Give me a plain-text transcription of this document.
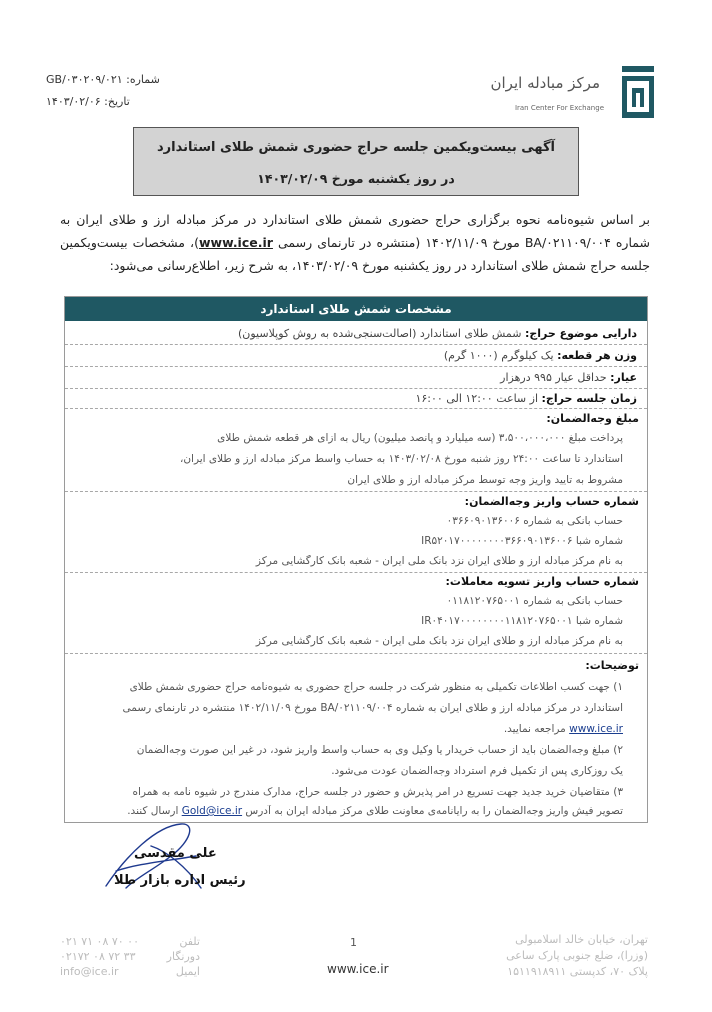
شماره: GB/۰۳۰۲۰۹/۰۲۱
تاریخ: ۱۴۰۳/۰۲/۰۶
مرکز مبادله ایران
Iran Center For Exchange
آگهی بیست‌ویکمین جلسه حراج حضوری شمش طلای استاندارد
در روز یکشنبه مورخ ۱۴۰۳/۰۲/۰۹
بر اساس شیوه‌نامه نحوه برگزاری حراج حضوری شمش طلای استاندارد در مرکز مبادله ارز و طلای ایران به شماره BA/۰۲۱۱۰۹/۰۰۴ مورخ ۱۴۰۲/۱۱/۰۹ (منتشره در تارنمای رسمی www.ice.ir)، مشخصات بیست‌ویکمین جلسه حراج شمش طلای استاندارد در روز یکشنبه مورخ ۱۴۰۳/۰۲/۰۹، به شرح زیر، اطلاع‌رسانی می‌شود:
مشخصات شمش طلای استاندارد
دارایی موضوع حراج: شمش طلای استاندارد (اصالت‌سنجی‌شده به روش کوپلاسیون)
وزن هر قطعه: یک کیلوگرم (۱۰۰۰ گرم)
عیار: حداقل عیار ۹۹۵ درهزار
زمان جلسه حراج: از ساعت ۱۲:۰۰ الی ۱۶:۰۰
مبلغ وجه‌الضمان:
پرداخت مبلغ ۳،۵۰۰،۰۰۰،۰۰۰ (سه میلیارد و پانصد میلیون) ریال به ازای هر قطعه شمش طلای
استاندارد تا ساعت ۲۴:۰۰ روز شنبه مورخ ۱۴۰۳/۰۲/۰۸ به حساب واسط مرکز مبادله ارز و طلای ایران،
مشروط به تایید واریز وجه توسط مرکز مبادله ارز و طلای ایران
شماره حساب واریز وجه‌الضمان:
حساب بانکی به شماره ۰۳۶۶۰۹۰۱۳۶۰۰۶
شماره شبا IR۵۲۰۱۷۰۰۰۰۰۰۰۰۳۶۶۰۹۰۱۳۶۰۰۶
به نام مرکز مبادله ارز و طلای ایران نزد بانک ملی ایران - شعبه بانک کارگشایی مرکز
شماره حساب واریز تسویه معاملات:
حساب بانکی به شماره ۰۱۱۸۱۲۰۷۶۵۰۰۱
شماره شبا IR۰۴۰۱۷۰۰۰۰۰۰۰۰۱۱۸۱۲۰۷۶۵۰۰۱
به نام مرکز مبادله ارز و طلای ایران نزد بانک ملی ایران - شعبه بانک کارگشایی مرکز
توضیحات:
۱) جهت کسب اطلاعات تکمیلی به منظور شرکت در جلسه حراج حضوری به شیوه‌نامه حراج حضوری شمش طلای
استاندارد در مرکز مبادله ارز و طلای ایران به شماره BA/۰۲۱۱۰۹/۰۰۴ مورخ ۱۴۰۲/۱۱/۰۹ منتشره در تارنمای رسمی
www.ice.ir مراجعه نمایید.
۲) مبلغ وجه‌الضمان باید از حساب خریدار یا وکیل وی به حساب واسط واریز شود، در غیر این صورت وجه‌الضمان
یک روزکاری پس از تکمیل فرم استرداد وجه‌الضمان عودت می‌شود.
۳) متقاضیان خرید جدید جهت تسریع در امر پذیرش و حضور در جلسه حراج، مدارک مندرج در شیوه نامه به همراه
تصویر فیش واریز وجه‌الضمان را به رایانامه‌ی معاونت طلای مرکز مبادله ایران به آدرس Gold@ice.ir ارسال کنند.
علی مقدسی
رئیس اداره بازار طلا
تهران، خیابان خالد اسلامبولی
(وزرا)، ضلع جنوبی پارک ساعی
پلاک ۷۰، کدپستی ۱۵۱۱۹۱۸۹۱۱
1
www.ice.ir
تلفن
دورنگار
ایمیل
۰۲۱ ۷۱ ۰۸ ۷۰ ۰۰
۰۲۱۷۲ ۰۸ ۷۲ ۳۳
info@ice.ir
